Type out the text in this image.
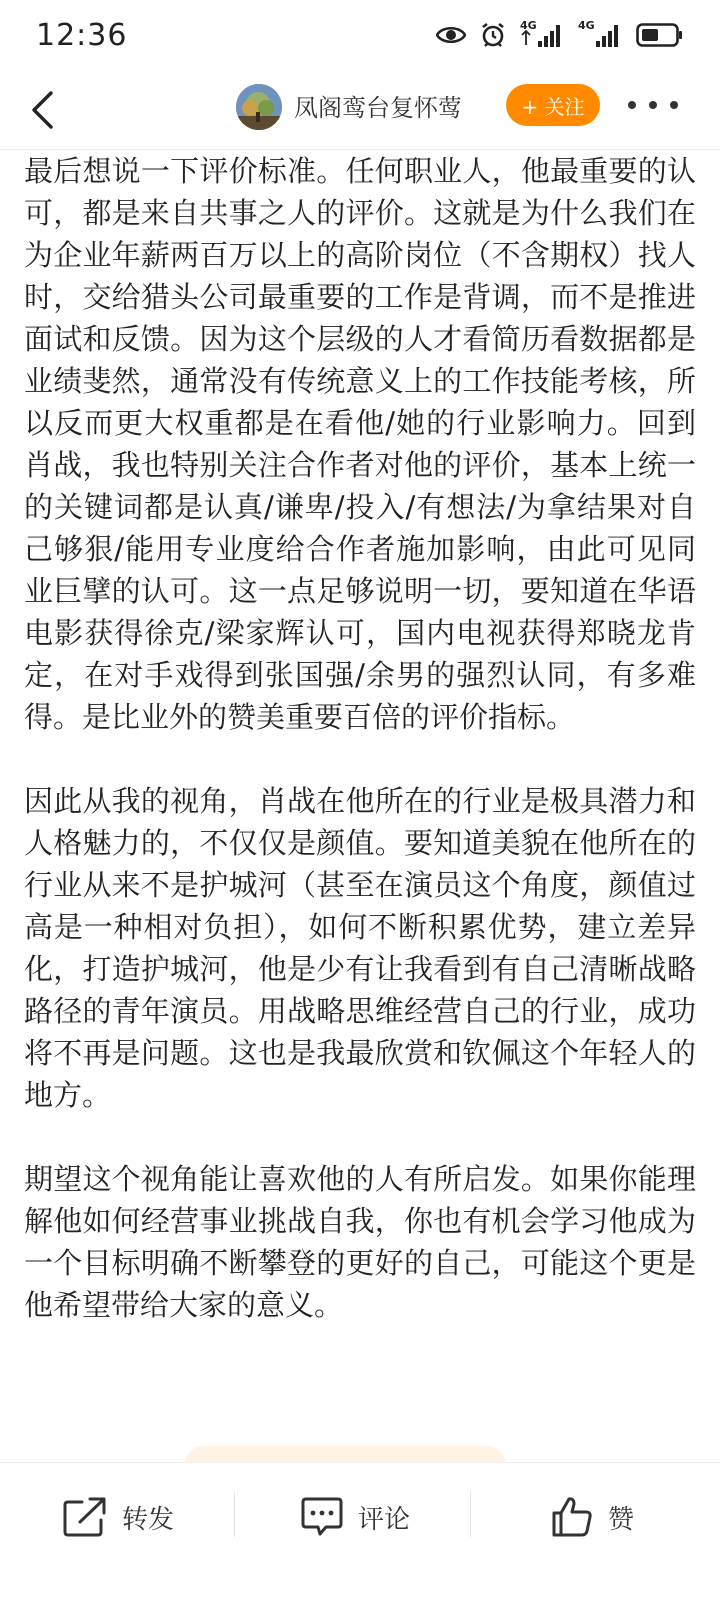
12:36	4G	4G
凤阁鸾台复怀莺	+ 关注

最后想说一下评价标准。任何职业人，他最重要的认可，都是来自共事之人的评价。这就是为什么我们在为企业年薪两百万以上的高阶岗位（不含期权）找人时，交给猎头公司最重要的工作是背调，而不是推进面试和反馈。因为这个层级的人才看简历看数据都是业绩斐然，通常没有传统意义上的工作技能考核，所以反而更大权重都是在看他/她的行业影响力。回到肖战，我也特别关注合作者对他的评价，基本上统一的关键词都是认真/谦卑/投入/有想法/为拿结果对自己够狠/能用专业度给合作者施加影响，由此可见同业巨擘的认可。这一点足够说明一切，要知道在华语电影获得徐克/梁家辉认可，国内电视获得郑晓龙肯定，在对手戏得到张国强/余男的强烈认同，有多难得。是比业外的赞美重要百倍的评价指标。

因此从我的视角，肖战在他所在的行业是极具潜力和人格魅力的，不仅仅是颜值。要知道美貌在他所在的行业从来不是护城河（甚至在演员这个角度，颜值过高是一种相对负担），如何不断积累优势，建立差异化，打造护城河，他是少有让我看到有自己清晰战略路径的青年演员。用战略思维经营自己的行业，成功将不再是问题。这也是我最欣赏和钦佩这个年轻人的地方。

期望这个视角能让喜欢他的人有所启发。如果你能理解他如何经营事业挑战自我，你也有机会学习他成为一个目标明确不断攀登的更好的自己，可能这个更是他希望带给大家的意义。

转发	评论	赞
